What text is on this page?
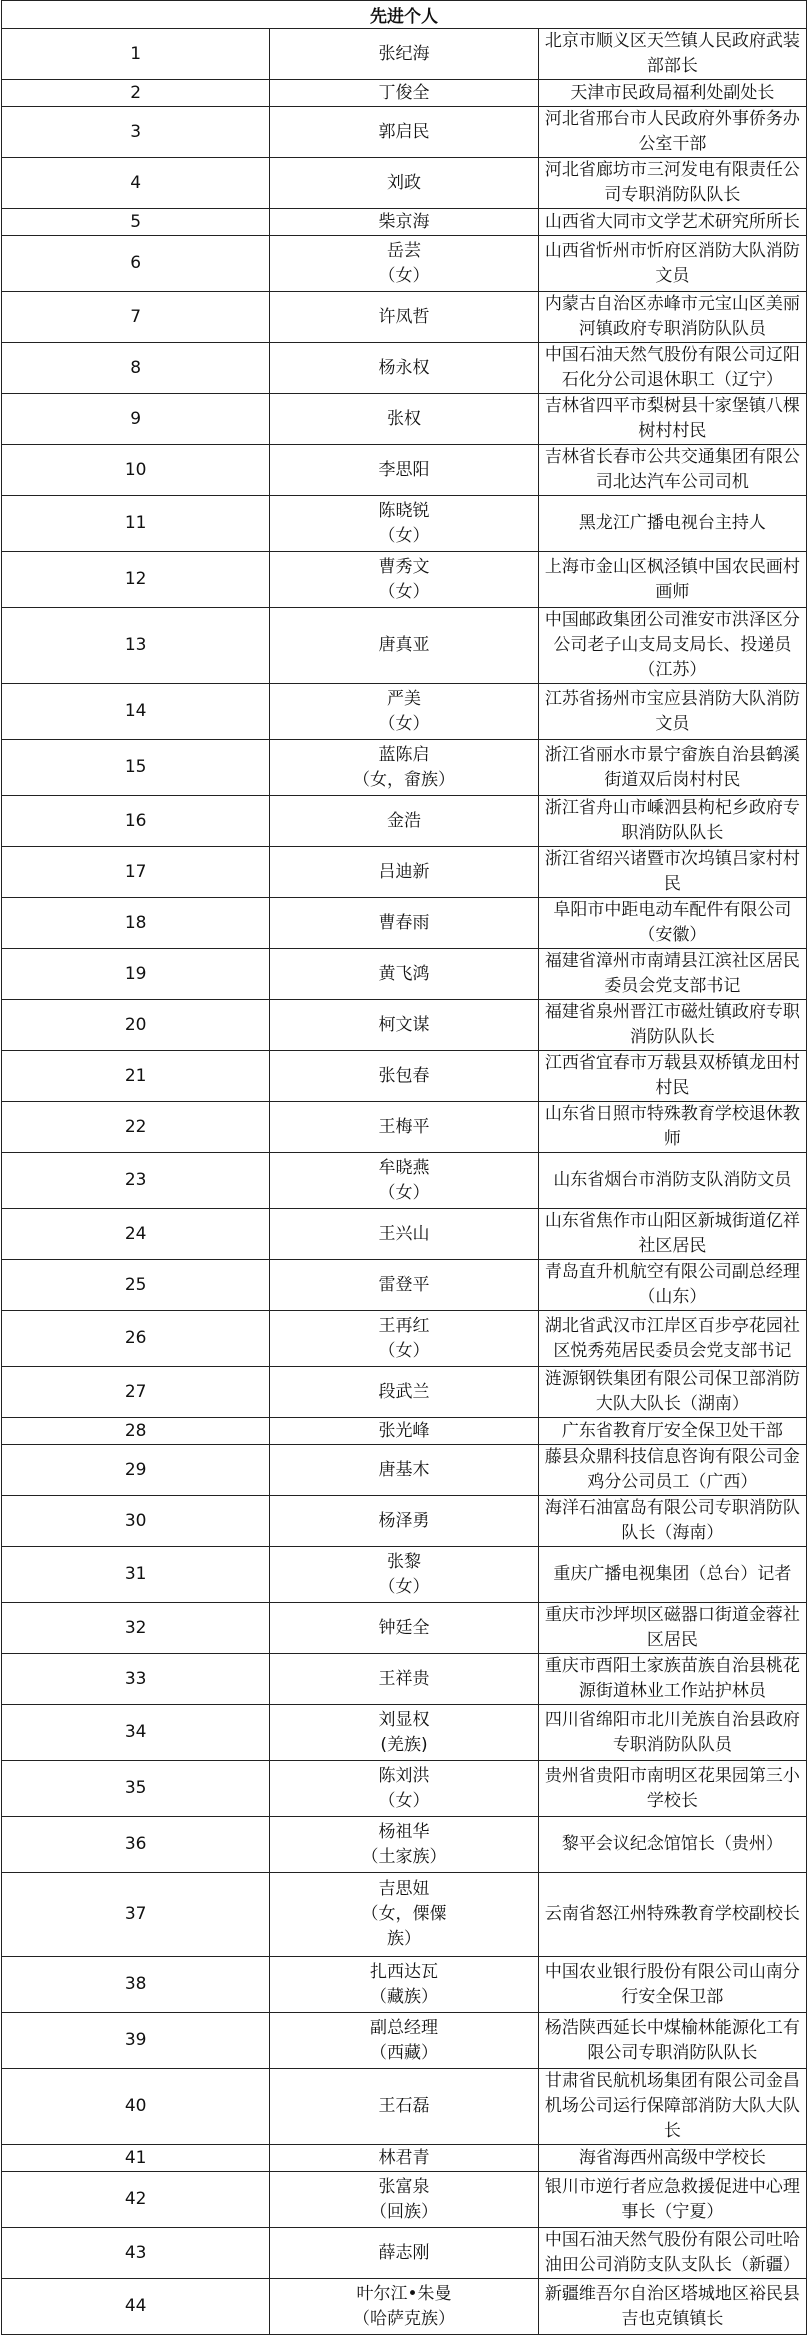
先进个人		
1	张纪海	北京市顺义区天竺镇人民政府武装部部长
2	丁俊全	天津市民政局福利处副处长
3	郭启民	河北省邢台市人民政府外事侨务办公室干部
4	刘政	河北省廊坊市三河发电有限责任公司专职消防队队长
5	柴京海	山西省大同市文学艺术研究所所长
6	岳芸
（女）	山西省忻州市忻府区消防大队消防文员
7	许凤哲	内蒙古自治区赤峰市元宝山区美丽河镇政府专职消防队队员
8	杨永权	中国石油天然气股份有限公司辽阳石化分公司退休职工（辽宁）
9	张权	吉林省四平市梨树县十家堡镇八棵树村村民
10	李思阳	吉林省长春市公共交通集团有限公司北达汽车公司司机
11	陈晓锐
（女）	黑龙江广播电视台主持人
12	曹秀文
（女）	上海市金山区枫泾镇中国农民画村画师
13	唐真亚	中国邮政集团公司淮安市洪泽区分公司老子山支局支局长、投递员（江苏）
14	严美
（女）	江苏省扬州市宝应县消防大队消防文员
15	蓝陈启
（女，畲族）	浙江省丽水市景宁畲族自治县鹤溪街道双后岗村村民
16	金浩	浙江省舟山市嵊泗县枸杞乡政府专职消防队队长
17	吕迪新	浙江省绍兴诸暨市次坞镇吕家村村民
18	曹春雨	阜阳市中距电动车配件有限公司（安徽）
19	黄飞鸿	福建省漳州市南靖县江滨社区居民委员会党支部书记
20	柯文谋	福建省泉州晋江市磁灶镇政府专职消防队队长
21	张包春	江西省宜春市万载县双桥镇龙田村村民
22	王梅平	山东省日照市特殊教育学校退休教师
23	牟晓燕
（女）	山东省烟台市消防支队消防文员
24	王兴山	山东省焦作市山阳区新城街道亿祥社区居民
25	雷登平	青岛直升机航空有限公司副总经理（山东）
26	王再红
（女）	湖北省武汉市江岸区百步亭花园社区悦秀苑居民委员会党支部书记
27	段武兰	涟源钢铁集团有限公司保卫部消防大队大队长（湖南）
28	张光峰	广东省教育厅安全保卫处干部
29	唐基木	藤县众鼎科技信息咨询有限公司金鸡分公司员工（广西）
30	杨泽勇	海洋石油富岛有限公司专职消防队队长（海南）
31	张黎
（女）	重庆广播电视集团（总台）记者
32	钟廷全	重庆市沙坪坝区磁器口街道金蓉社区居民
33	王祥贵	重庆市酉阳土家族苗族自治县桃花源街道林业工作站护林员
34	刘显权
(羌族)	四川省绵阳市北川羌族自治县政府专职消防队队员
35	陈刘洪
（女）	贵州省贵阳市南明区花果园第三小学校长
36	杨祖华
（土家族）	黎平会议纪念馆馆长（贵州）
37	吉思妞
（女，傈僳
族）	云南省怒江州特殊教育学校副校长
38	扎西达瓦
（藏族）	中国农业银行股份有限公司山南分行安全保卫部
39	副总经理
（西藏）	杨浩陕西延长中煤榆林能源化工有限公司专职消防队队长
40	王石磊	甘肃省民航机场集团有限公司金昌机场公司运行保障部消防大队大队长
41	林君青	海省海西州高级中学校长
42	张富泉
（回族）	银川市逆行者应急救援促进中心理事长（宁夏）
43	薛志刚	中国石油天然气股份有限公司吐哈油田公司消防支队支队长（新疆）
44	叶尔江•朱曼
（哈萨克族）	新疆维吾尔自治区塔城地区裕民县吉也克镇镇长
